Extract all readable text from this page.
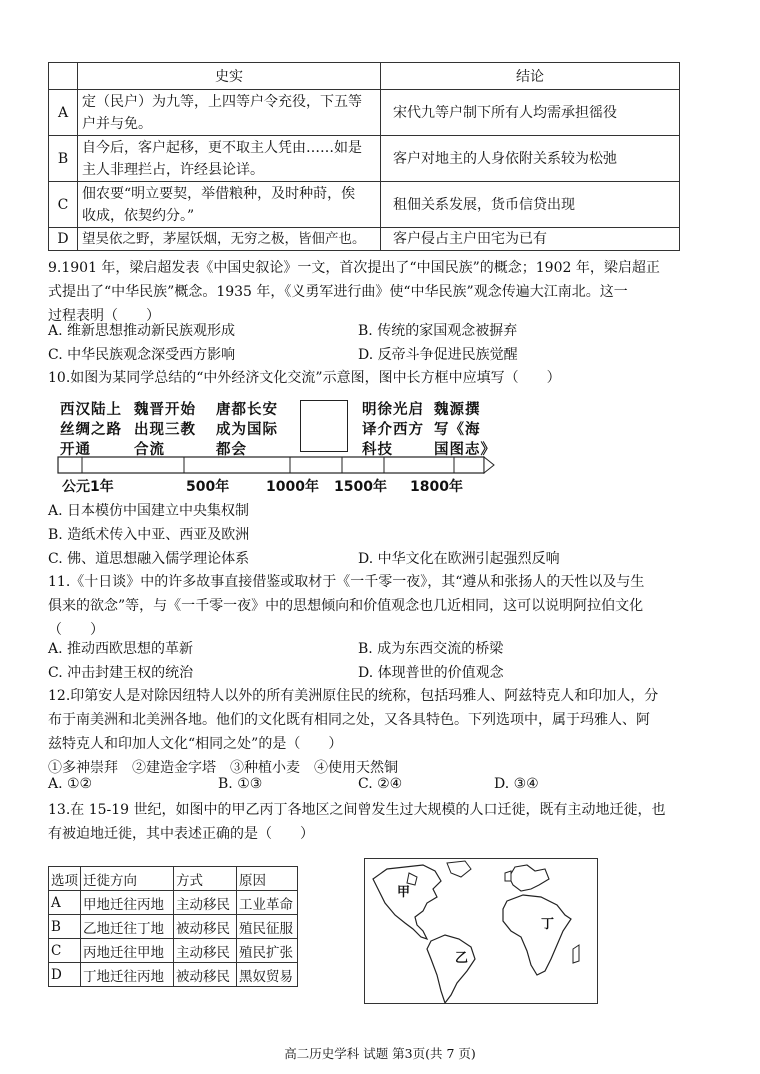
	史实	结论
A	定（民户）为九等，上四等户令充役，下五等
户并与免。	宋代九等户制下所有人均需承担徭役
B	自今后，客户起移，更不取主人凭由……如是
主人非理拦占，许经县论详。	客户对地主的人身依附关系较为松弛
C	佃农要“明立要契，举借粮种，及时种莳，俟
收成，依契约分。”	租佃关系发展，货币信贷出现
D	望昊依之野，茅屋饫烟，无穷之极，皆佃产也。	客户侵占主户田宅为已有
9.1901 年，梁启超发表《中国史叙论》一文，首次提出了“中国民族”的概念；1902 年，梁启超正
式提出了“中华民族”概念。1935 年，《义勇军进行曲》使“中华民族”观念传遍大江南北。这一
过程表明（　　）
A. 维新思想推动新民族观形成	B. 传统的家国观念被摒弃
C. 中华民族观念深受西方影响	D. 反帝斗争促进民族觉醒
10.如图为某同学总结的“中外经济文化交流”示意图，图中长方框中应填写（　　）
西汉陆上
丝绸之路
开通
魏晋开始
出现三教
合流
唐都长安
成为国际
都会
明徐光启
译介西方
科技
魏源撰
写《海
国图志》
公元1年	500年	1000年 1500年 1800年
A. 日本模仿中国建立中央集权制
B. 造纸术传入中亚、西亚及欧洲
C. 佛、道思想融入儒学理论体系	D. 中华文化在欧洲引起强烈反响
11.《十日谈》中的许多故事直接借鉴或取材于《一千零一夜》，其“遵从和张扬人的天性以及与生
俱来的欲念”等，与《一千零一夜》中的思想倾向和价值观念也几近相同，这可以说明阿拉伯文化
（　　）
A. 推动西欧思想的革新	B. 成为东西交流的桥梁
C. 冲击封建王权的统治	D. 体现普世的价值观念
12.印第安人是对除因纽特人以外的所有美洲原住民的统称，包括玛雅人、阿兹特克人和印加人，分
布于南美洲和北美洲各地。他们的文化既有相同之处，又各具特色。下列选项中，属于玛雅人、阿
兹特克人和印加人文化“相同之处”的是（　　）
①多神崇拜　②建造金字塔　③种植小麦　④使用天然铜
A. ①②	B. ①③	C. ②④	D. ③④
13.在 15-19 世纪，如图中的甲乙丙丁各地区之间曾发生过大规模的人口迁徙，既有主动地迁徙，也
有被迫地迁徙，其中表述正确的是（　　）
选项	迁徙方向	方式	原因
A	甲地迁往丙地	主动移民	工业革命
B	乙地迁往丁地	被动移民	殖民征服
C	丙地迁往甲地	主动移民	殖民扩张
D	丁地迁往丙地	被动移民	黑奴贸易
甲
乙
丁
高二历史学科 试题 第3页(共 7 页)
